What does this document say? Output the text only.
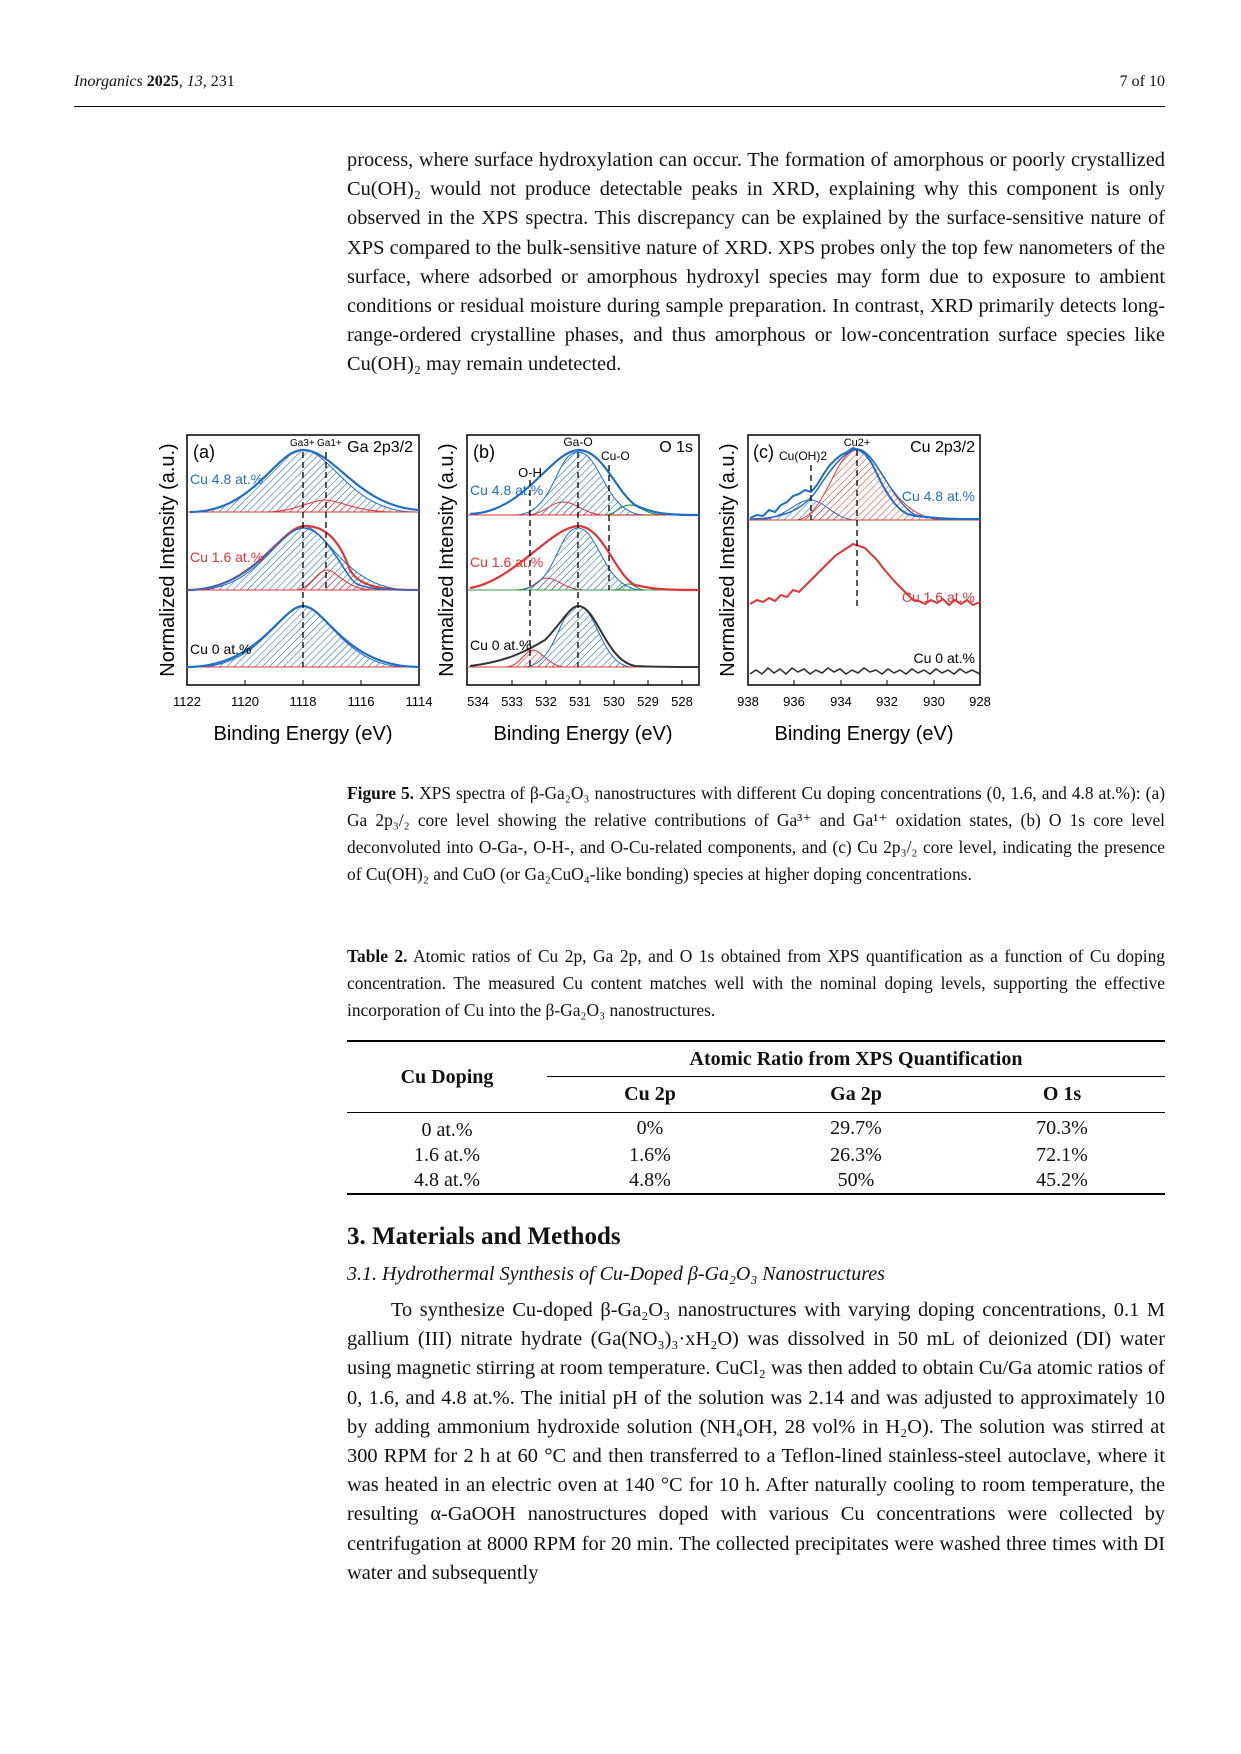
Inorganics 2025, 13, 231	7 of 10

process, where surface hydroxylation can occur. The formation of amorphous or poorly crystallized Cu(OH)₂ would not produce detectable peaks in XRD, explaining why this component is only observed in the XPS spectra. This discrepancy can be explained by the surface-sensitive nature of XPS compared to the bulk-sensitive nature of XRD. XPS probes only the top few nanometers of the surface, where adsorbed or amorphous hydroxyl species may form due to exposure to ambient conditions or residual moisture during sample preparation. In contrast, XRD primarily detects long-range-ordered crystalline phases, and thus amorphous or low-concentration surface species like Cu(OH)₂ may remain undetected.

Normalized Intensity (a.u.)	Normalized Intensity (a.u.)	Normalized Intensity (a.u.)
Binding Energy (eV)	Binding Energy (eV)	Binding Energy (eV)
1122 1120 1118 1116 1114	534 533 532 531 530 529 528	938 936 934 932 930 928
(a)	Ga 2p3/2
Ga3+ Ga1+
Cu 4.8 at.%
Cu 1.6 at.%
Cu 0 at.%
(b)	O 1s
Ga-O
Cu-O
O-H
Cu 4.8 at.%
Cu 1.6 at.%
Cu 0 at.%
(c)	Cu 2p3/2
Cu(OH)2
Cu2+
Cu 4.8 at.%
Cu 1.6 at.%
Cu 0 at.%
Figure 5. XPS spectra of β-Ga₂O₃ nanostructures with different Cu doping concentrations (0, 1.6, and 4.8 at.%): (a) Ga 2p₃/₂ core level showing the relative contributions of Ga³⁺ and Ga¹⁺ oxidation states, (b) O 1s core level deconvoluted into O-Ga-, O-H-, and O-Cu-related components, and (c) Cu 2p₃/₂ core level, indicating the presence of Cu(OH)₂ and CuO (or Ga₂CuO₄-like bonding) species at higher doping concentrations.
Table 2. Atomic ratios of Cu 2p, Ga 2p, and O 1s obtained from XPS quantification as a function of Cu doping concentration. The measured Cu content matches well with the nominal doping levels, supporting the effective incorporation of Cu into the β-Ga₂O₃ nanostructures.
Cu Doping	Atomic Ratio from XPS Quantification		
	Cu 2p	Ga 2p	O 1s
0 at.%	0%	29.7%	70.3%
1.6 at.%	1.6%	26.3%	72.1%
4.8 at.%	4.8%	50%	45.2%
3. Materials and Methods
3.1. Hydrothermal Synthesis of Cu-Doped β-Ga₂O₃ Nanostructures

To synthesize Cu-doped β-Ga₂O₃ nanostructures with varying doping concentrations, 0.1 M gallium (III) nitrate hydrate (Ga(NO₃)₃·xH₂O) was dissolved in 50 mL of deionized (DI) water using magnetic stirring at room temperature. CuCl₂ was then added to obtain Cu/Ga atomic ratios of 0, 1.6, and 4.8 at.%. The initial pH of the solution was 2.14 and was adjusted to approximately 10 by adding ammonium hydroxide solution (NH₄OH, 28 vol% in H₂O). The solution was stirred at 300 RPM for 2 h at 60 °C and then transferred to a Teflon-lined stainless-steel autoclave, where it was heated in an electric oven at 140 °C for 10 h. After naturally cooling to room temperature, the resulting α-GaOOH nanostructures doped with various Cu concentrations were collected by centrifugation at 8000 RPM for 20 min. The collected precipitates were washed three times with DI water and subsequently
